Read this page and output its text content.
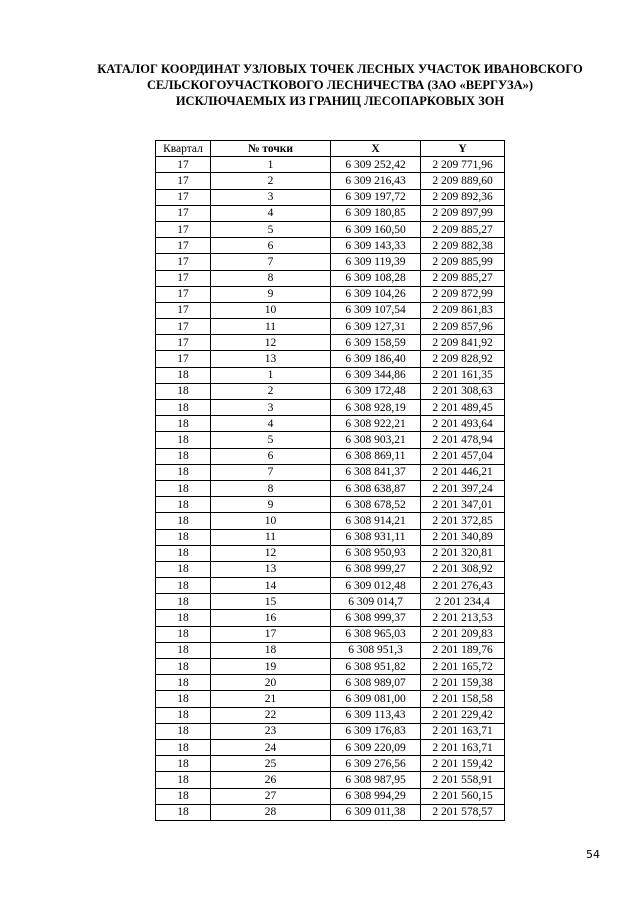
КАТАЛОГ КООРДИНАТ УЗЛОВЫХ ТОЧЕК ЛЕСНЫХ УЧАСТОК ИВАНОВСКОГО
СЕЛЬСКОГОУЧАСТКОВОГО ЛЕСНИЧЕСТВА (ЗАО «ВЕРГУЗА»)
ИСКЛЮЧАЕМЫХ ИЗ ГРАНИЦ ЛЕСОПАРКОВЫХ ЗОН
Квартал	№ точки	X	Y
17	1	6 309 252,42	2 209 771,96
17	2	6 309 216,43	2 209 889,60
17	3	6 309 197,72	2 209 892,36
17	4	6 309 180,85	2 209 897,99
17	5	6 309 160,50	2 209 885,27
17	6	6 309 143,33	2 209 882,38
17	7	6 309 119,39	2 209 885,99
17	8	6 309 108,28	2 209 885,27
17	9	6 309 104,26	2 209 872,99
17	10	6 309 107,54	2 209 861,83
17	11	6 309 127,31	2 209 857,96
17	12	6 309 158,59	2 209 841,92
17	13	6 309 186,40	2 209 828,92
18	1	6 309 344,86	2 201 161,35
18	2	6 309 172,48	2 201 308,63
18	3	6 308 928,19	2 201 489,45
18	4	6 308 922,21	2 201 493,64
18	5	6 308 903,21	2 201 478,94
18	6	6 308 869,11	2 201 457,04
18	7	6 308 841,37	2 201 446,21
18	8	6 308 638,87	2 201 397,24
18	9	6 308 678,52	2 201 347,01
18	10	6 308 914,21	2 201 372,85
18	11	6 308 931,11	2 201 340,89
18	12	6 308 950,93	2 201 320,81
18	13	6 308 999,27	2 201 308,92
18	14	6 309 012,48	2 201 276,43
18	15	6 309 014,7	2 201 234,4
18	16	6 308 999,37	2 201 213,53
18	17	6 308 965,03	2 201 209,83
18	18	6 308 951,3	2 201 189,76
18	19	6 308 951,82	2 201 165,72
18	20	6 308 989,07	2 201 159,38
18	21	6 309 081,00	2 201 158,58
18	22	6 309 113,43	2 201 229,42
18	23	6 309 176,83	2 201 163,71
18	24	6 309 220,09	2 201 163,71
18	25	6 309 276,56	2 201 159,42
18	26	6 308 987,95	2 201 558,91
18	27	6 308 994,29	2 201 560,15
18	28	6 309 011,38	2 201 578,57
54
